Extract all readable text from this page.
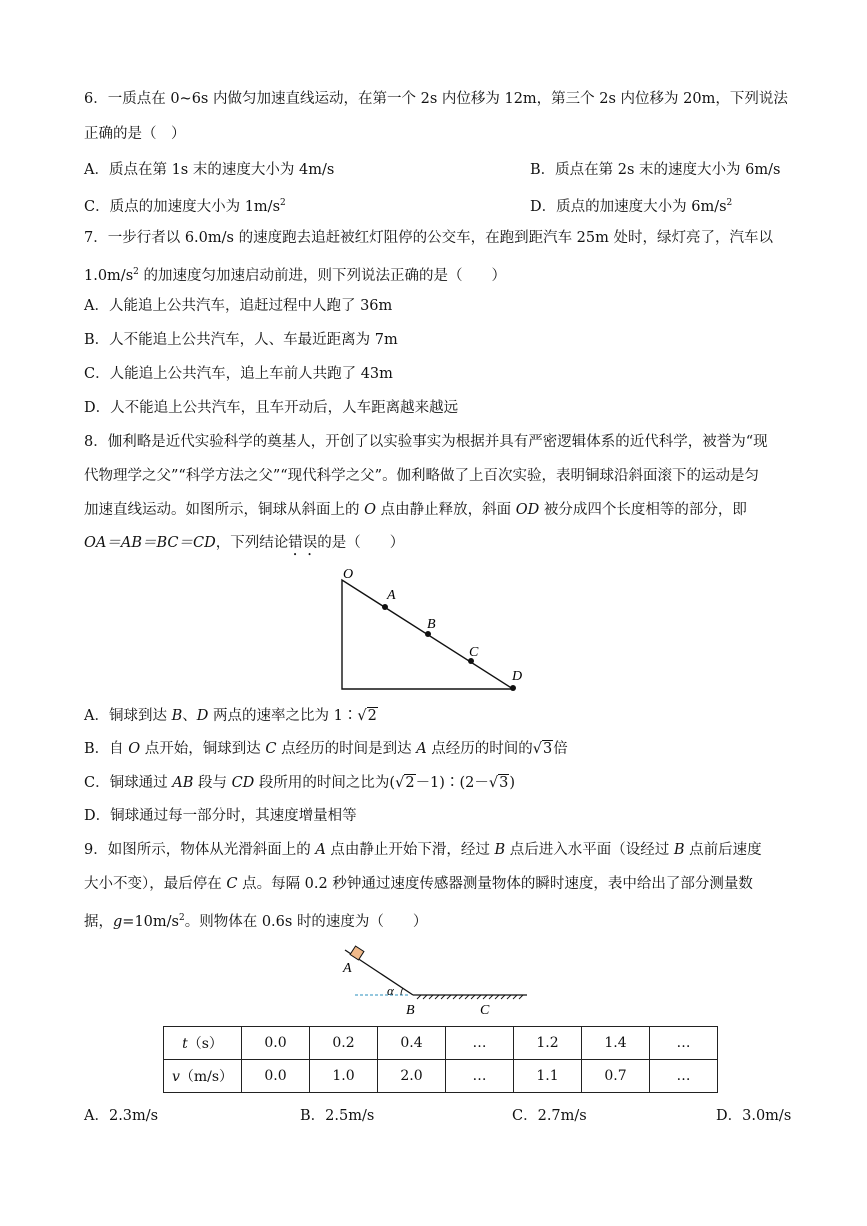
6．一质点在 0~6s 内做匀加速直线运动，在第一个 2s 内位移为 12m，第三个 2s 内位移为 20m，下列说法
正确的是（　）
A．质点在第 1s 末的速度大小为 4m/s	B．质点在第 2s 末的速度大小为 6m/s
C．质点的加速度大小为 $1m/s^2$	D．质点的加速度大小为 $6m/s^2$
7．一步行者以 6.0m/s 的速度跑去追赶被红灯阻停的公交车，在跑到距汽车 25m 处时，绿灯亮了，汽车以
$1.0m/s^2$ 的加速度匀加速启动前进，则下列说法正确的是（　　）
A．人能追上公共汽车，追赶过程中人跑了 36m
B．人不能追上公共汽车，人、车最近距离为 7m
C．人能追上公共汽车，追上车前人共跑了 43m
D．人不能追上公共汽车，且车开动后，人车距离越来越远
8．伽利略是近代实验科学的奠基人，开创了以实验事实为根据并具有严密逻辑体系的近代科学，被誉为“现
代物理学之父”“科学方法之父”“现代科学之父”。伽利略做了上百次实验，表明铜球沿斜面滚下的运动是匀
加速直线运动。如图所示，铜球从斜面上的 O 点由静止释放，斜面 OD 被分成四个长度相等的部分，即
OA＝AB＝BC＝CD，下列结论错误的是（　　）
O
A
B
C
D
A．铜球到达 B、D 两点的速率之比为 1∶√2
B．自 O 点开始，铜球到达 C 点经历的时间是到达 A 点经历的时间的√3倍
C．铜球通过 AB 段与 CD 段所用的时间之比为(√2－1)∶(2－√3)
D．铜球通过每一部分时，其速度增量相等
9．如图所示，物体从光滑斜面上的 A 点由静止开始下滑，经过 B 点后进入水平面（设经过 B 点前后速度
大小不变），最后停在 C 点。每隔 0.2 秒钟通过速度传感器测量物体的瞬时速度，表中给出了部分测量数
据，$g=10m/s^2$。则物体在 0.6s 时的速度为（　　）
A
α
B	C
t（s）	0.0	0.2	0.4	…	1.2	1.4	…
v（m/s）	0.0	1.0	2.0	…	1.1	0.7	…
A．2.3m/s	B．2.5m/s	C．2.7m/s	D．3.0m/s
